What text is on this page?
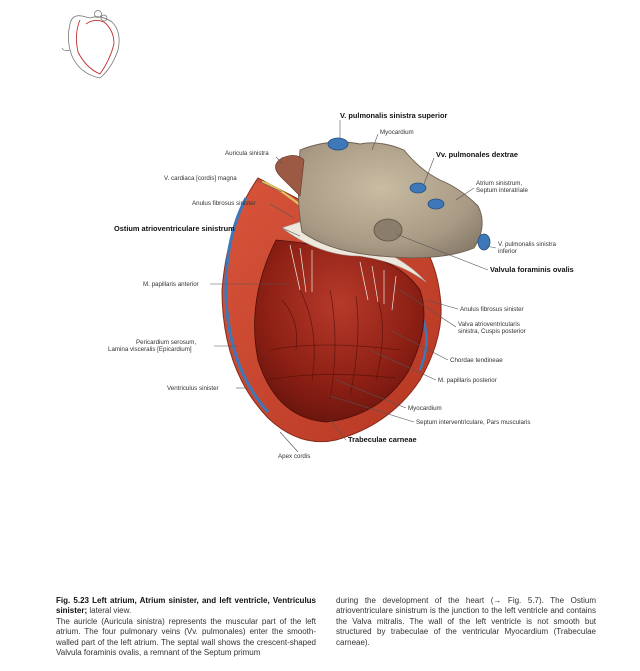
V. pulmonalis sinistra superior
Myocardium
Auricula sinistra	Vv. pulmonales dextrae
V. cardiaca [cordis] magna
Atrium sinistrum,
Septum interatriale
Anulus fibrosus sinister
Ostium atrioventriculare sinistrum
V. pulmonalis sinistra
inferior
Valvula foraminis ovalis
M. papillaris anterior
Anulus fibrosus sinister
Valva atrioventricularis
sinistra, Cuspis posterior
Pericardium serosum,
Lamina visceralis [Epicardium]
Chordae tendineae
M. papillaris posterior
Ventriculus sinister
Myocardium
Septum interventriculare, Pars muscularis
Trabeculae carneae
Apex cordis

Fig. 5.23 Left atrium, Atrium sinister, and left ventricle, Ventriculus sinister; lateral view.

The auricle (Auricula sinistra) represents the muscular part of the left atrium. The four pulmonary veins (Vv. pulmonales) enter the smooth-walled part of the left atrium. The septal wall shows the crescent-shaped Valvula foraminis ovalis, a remnant of the Septum primum

during the development of the heart (→ Fig. 5.7). The Ostium atrioventriculare sinistrum is the junction to the left ventricle and contains the Valva mitralis. The wall of the left ventricle is not smooth but structured by trabeculae of the ventricular Myocardium (Trabeculae carneae).
